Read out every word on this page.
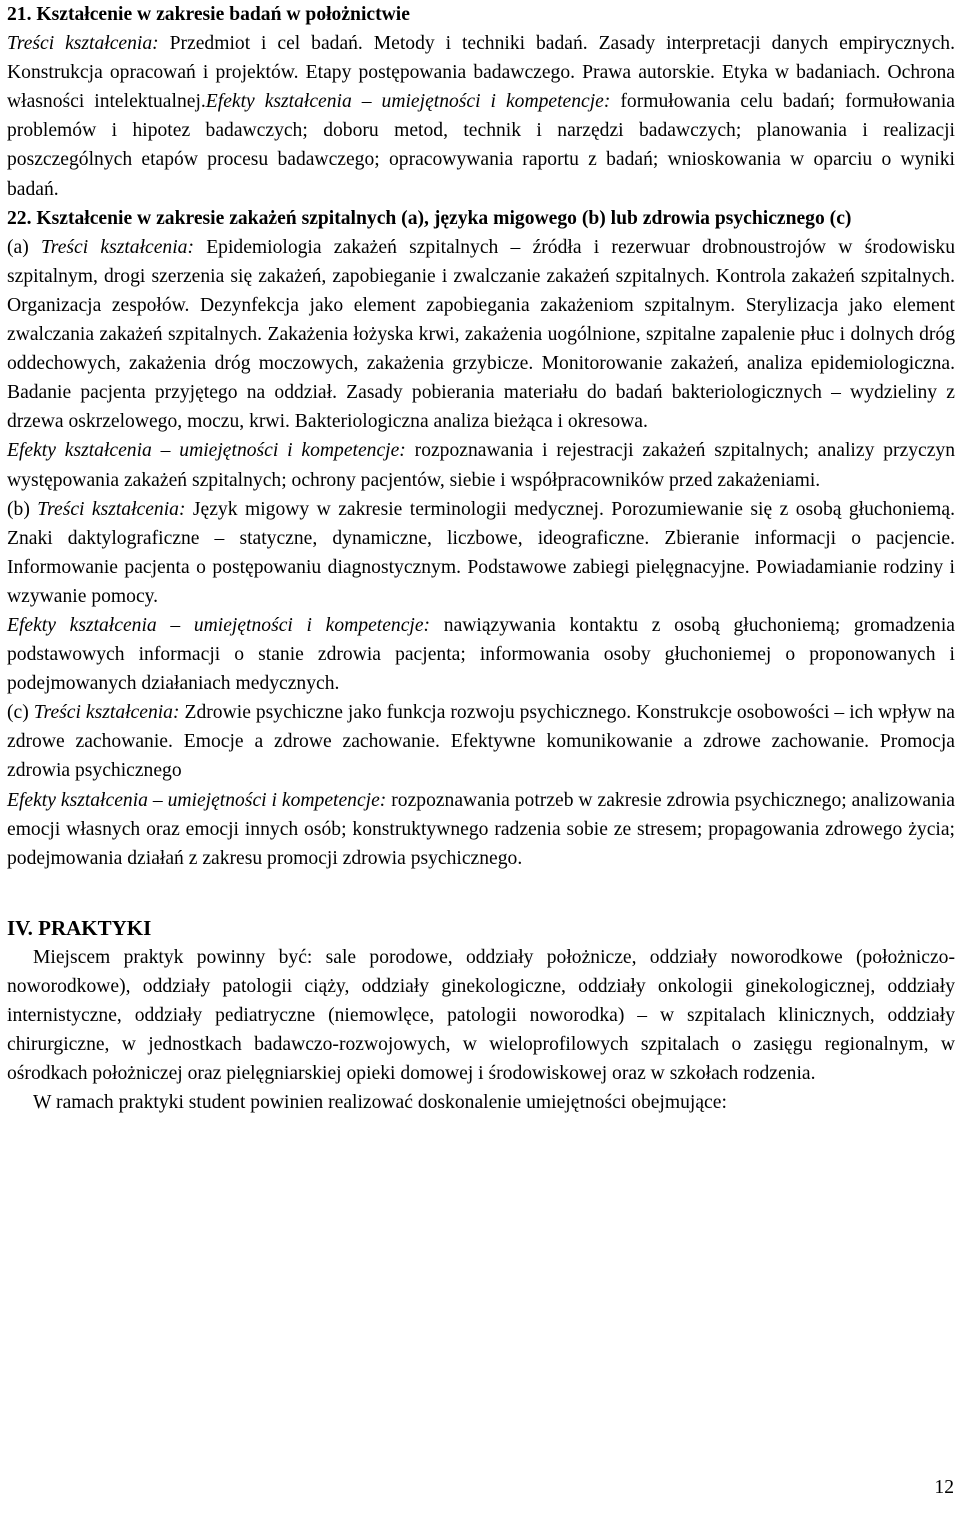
21. Kształcenie w zakresie badań w położnictwie

Treści kształcenia: Przedmiot i cel badań. Metody i techniki badań. Zasady interpretacji danych empirycznych. Konstrukcja opracowań i projektów. Etapy postępowania badawczego. Prawa autorskie. Etyka w badaniach. Ochrona własności intelektualnej.Efekty kształcenia – umiejętności i kompetencje: formułowania celu badań; formułowania problemów i hipotez badawczych; doboru metod, technik i narzędzi badawczych; planowania i realizacji poszczególnych etapów procesu badawczego; opracowywania raportu z badań; wnioskowania w oparciu o wyniki badań.

22. Kształcenie w zakresie zakażeń szpitalnych (a), języka migowego (b) lub zdrowia psychicznego (c)

(a) Treści kształcenia: Epidemiologia zakażeń szpitalnych – źródła i rezerwuar drobnoustrojów w środowisku szpitalnym, drogi szerzenia się zakażeń, zapobieganie i zwalczanie zakażeń szpitalnych. Kontrola zakażeń szpitalnych. Organizacja zespołów. Dezynfekcja jako element zapobiegania zakażeniom szpitalnym. Sterylizacja jako element zwalczania zakażeń szpitalnych. Zakażenia łożyska krwi, zakażenia uogólnione, szpitalne zapalenie płuc i dolnych dróg oddechowych, zakażenia dróg moczowych, zakażenia grzybicze. Monitorowanie zakażeń, analiza epidemiologiczna. Badanie pacjenta przyjętego na oddział. Zasady pobierania materiału do badań bakteriologicznych – wydzieliny z drzewa oskrzelowego, moczu, krwi. Bakteriologiczna analiza bieżąca i okresowa.

Efekty kształcenia – umiejętności i kompetencje: rozpoznawania i rejestracji zakażeń szpitalnych; analizy przyczyn występowania zakażeń szpitalnych; ochrony pacjentów, siebie i współpracowników przed zakażeniami.

(b) Treści kształcenia: Język migowy w zakresie terminologii medycznej. Porozumiewanie się z osobą głuchoniemą. Znaki daktylograficzne – statyczne, dynamiczne, liczbowe, ideograficzne. Zbieranie informacji o pacjencie. Informowanie pacjenta o postępowaniu diagnostycznym. Podstawowe zabiegi pielęgnacyjne. Powiadamianie rodziny i wzywanie pomocy.

Efekty kształcenia – umiejętności i kompetencje: nawiązywania kontaktu z osobą głuchoniemą; gromadzenia podstawowych informacji o stanie zdrowia pacjenta; informowania osoby głuchoniemej o proponowanych i podejmowanych działaniach medycznych.

(c) Treści kształcenia: Zdrowie psychiczne jako funkcja rozwoju psychicznego. Konstrukcje osobowości – ich wpływ na zdrowe zachowanie. Emocje a zdrowe zachowanie. Efektywne komunikowanie a zdrowe zachowanie. Promocja zdrowia psychicznego

Efekty kształcenia – umiejętności i kompetencje: rozpoznawania potrzeb w zakresie zdrowia psychicznego; analizowania emocji własnych oraz emocji innych osób; konstruktywnego radzenia sobie ze stresem; propagowania zdrowego życia; podejmowania działań z zakresu promocji zdrowia psychicznego.

IV. PRAKTYKI

Miejscem praktyk powinny być: sale porodowe, oddziały położnicze, oddziały noworodkowe (położniczo-noworodkowe), oddziały patologii ciąży, oddziały ginekologiczne, oddziały onkologii ginekologicznej, oddziały internistyczne, oddziały pediatryczne (niemowlęce, patologii noworodka) – w szpitalach klinicznych, oddziały chirurgiczne, w jednostkach badawczo-rozwojowych, w wieloprofilowych szpitalach o zasięgu regionalnym, w ośrodkach położniczej oraz pielęgniarskiej opieki domowej i środowiskowej oraz w szkołach rodzenia.

W ramach praktyki student powinien realizować doskonalenie umiejętności obejmujące:

12
